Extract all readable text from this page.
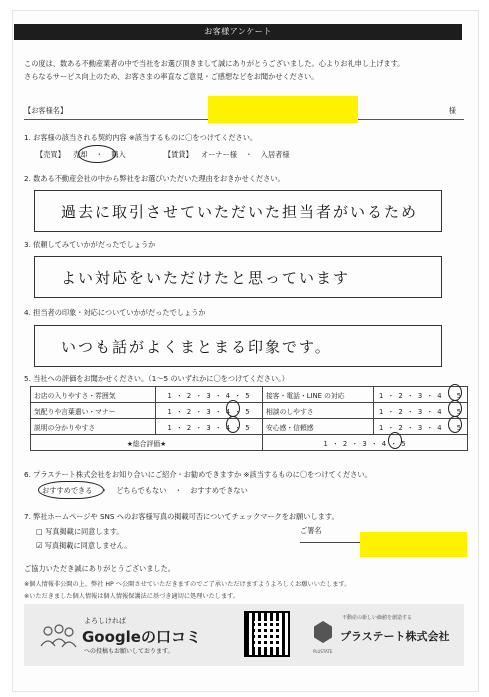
お客様アンケート
この度は、数ある不動産業者の中で当社をお選び頂きまして誠にありがとうございました。心よりお礼申し上げます。
さらなるサービス向上のため、お客さまの率直なご意見・ご感想などをお聞かせください。
【お客様名】	様
1. お客様の該当される契約内容 ※該当するものに〇をつけてください。
【売買】 売却 ・ 購入	【賃貸】 オーナー様 ・ 入居者様
2. 数ある不動産会社の中から弊社をお選びいただいた理由をおきかせください。
過去に取引させていただいた担当者がいるため
3. 依頼してみていかがだったでしょうか
よい対応をいただけたと思っています
4. 担当者の印象・対応についていかがだったでしょうか
いつも話がよくまとまる印象です。
5. 当社への評価をお聞かせください。（1～5 のいずれかに〇をつけてください。）
お店の入りやすさ・雰囲気	1 ・ 2 ・ 3 ・ 4 ・ 5	接客・電話・LINE の対応	1 ・ 2 ・ 3 ・ 4 ・ 5
気配りや言葉遣い・マナー	1 ・ 2 ・ 3 ・ 4 ・ 5	相談のしやすさ	1 ・ 2 ・ 3 ・ 4 ・ 5
説明の分かりやすさ	1 ・ 2 ・ 3 ・ 4 ・ 5	安心感・信頼感	1 ・ 2 ・ 3 ・ 4 ・ 5
★総合評価★		1 ・ 2 ・ 3 ・ 4 ・ 5	
6. プラステート株式会社をお知り合いにご紹介・お勧めできますか ※該当するものに〇をつけてください。
おすすめできる ・ どちらでもない ・ おすすめできない
7. 弊社ホームページや SNS へのお客様写真の掲載可否についてチェックマークをお願いします。
□ 写真掲載に同意します。
☑ 写真掲載に同意しません。
ご署名
ご協力いただき誠にありがとうございました。
※個人情報非公開の上、弊社 HP へ公開させていただきますのでご了承いただけますようよろしくお願いいたします。
※いただきました個人情報は個人情報保護法に基づき適切に処理いたします。
よろしければ
Googleの口コミ
への投稿もお願いしております。	PLUSTATE
不動産の新しい価値を創造する
プラステート株式会社
